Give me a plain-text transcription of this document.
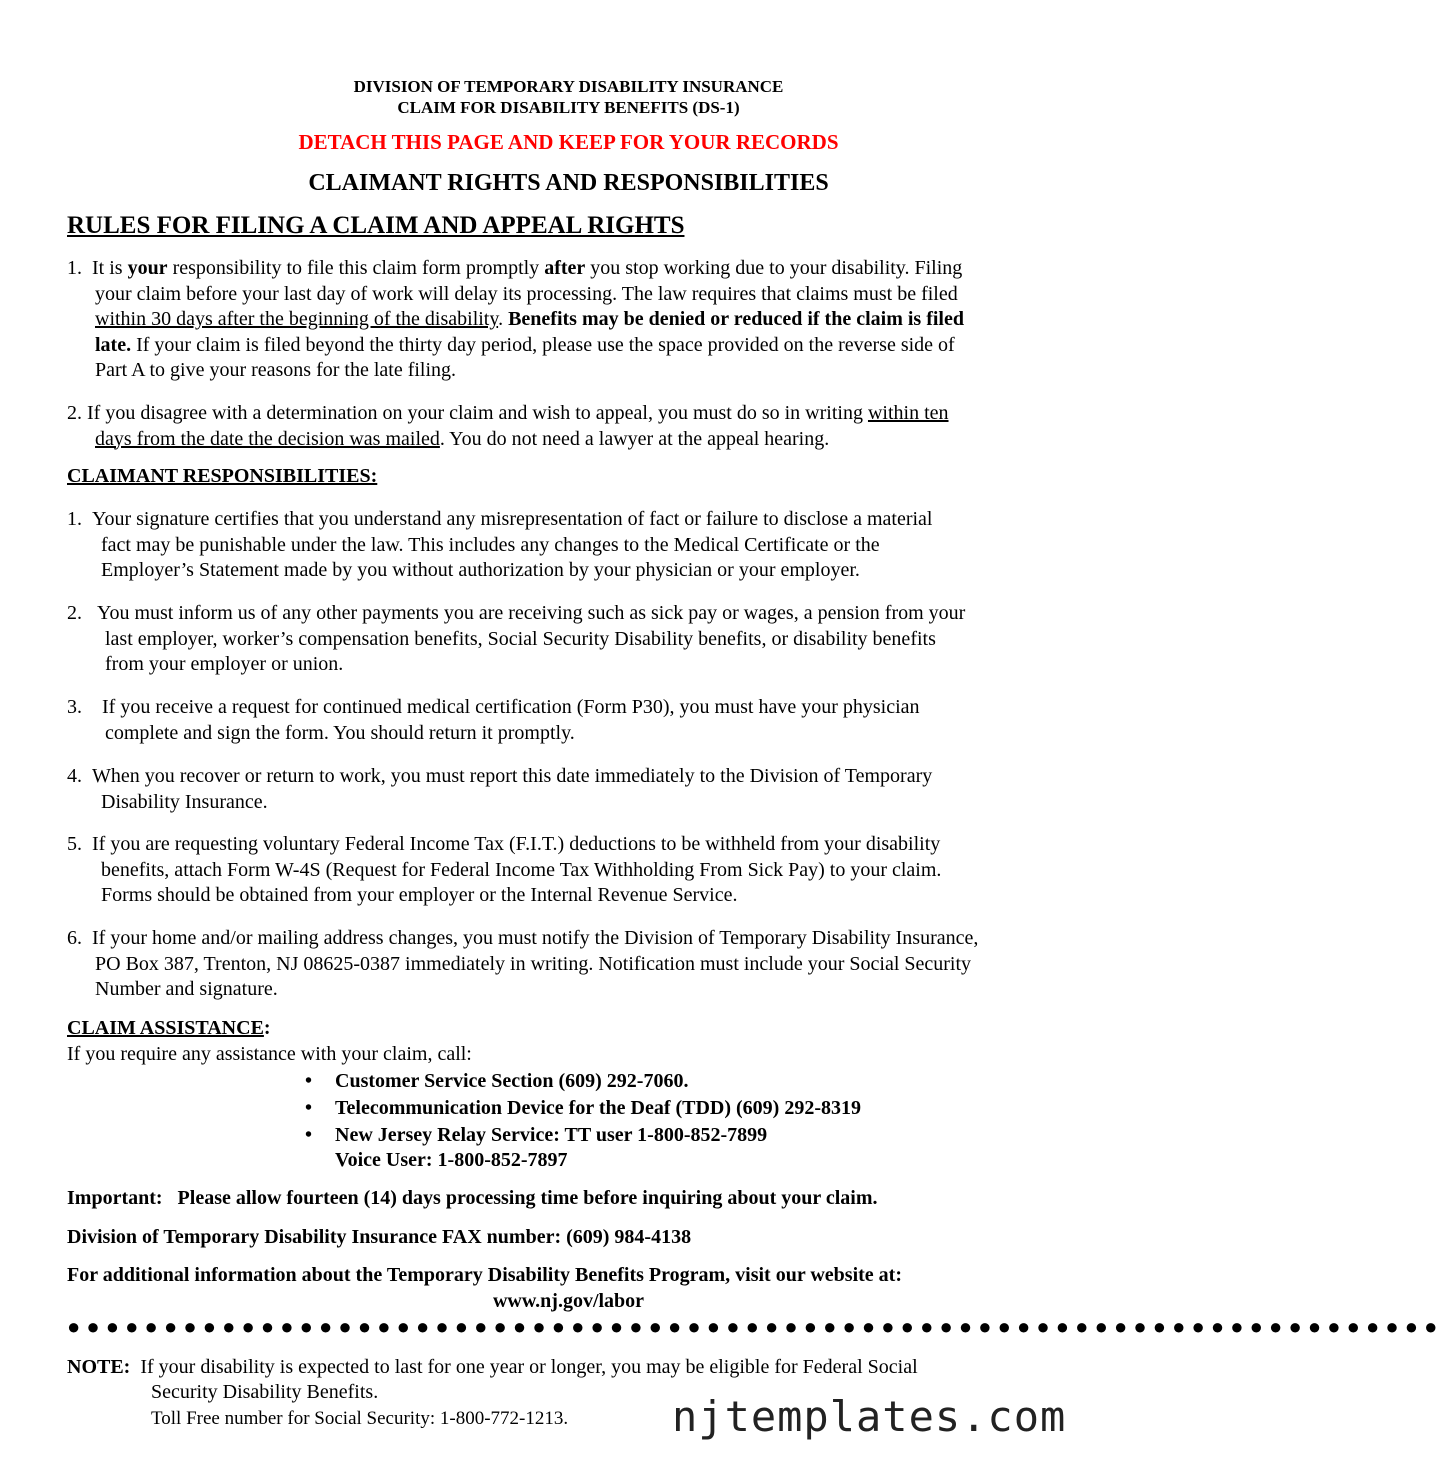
DIVISION OF TEMPORARY DISABILITY INSURANCE
CLAIM FOR DISABILITY BENEFITS (DS-1)
DETACH THIS PAGE AND KEEP FOR YOUR RECORDS
CLAIMANT RIGHTS AND RESPONSIBILITIES
RULES FOR FILING A CLAIM AND APPEAL RIGHTS
1. It is your responsibility to file this claim form promptly after you stop working due to your disability. Filing
your claim before your last day of work will delay its processing. The law requires that claims must be filed
within 30 days after the beginning of the disability. Benefits may be denied or reduced if the claim is filed
late. If your claim is filed beyond the thirty day period, please use the space provided on the reverse side of
Part A to give your reasons for the late filing.
2. If you disagree with a determination on your claim and wish to appeal, you must do so in writing within ten
days from the date the decision was mailed. You do not need a lawyer at the appeal hearing.
CLAIMANT RESPONSIBILITIES:
1. Your signature certifies that you understand any misrepresentation of fact or failure to disclose a material
fact may be punishable under the law. This includes any changes to the Medical Certificate or the
Employer’s Statement made by you without authorization by your physician or your employer.
2. You must inform us of any other payments you are receiving such as sick pay or wages, a pension from your
last employer, worker’s compensation benefits, Social Security Disability benefits, or disability benefits
from your employer or union.
3. If you receive a request for continued medical certification (Form P30), you must have your physician
complete and sign the form. You should return it promptly.
4. When you recover or return to work, you must report this date immediately to the Division of Temporary
Disability Insurance.
5. If you are requesting voluntary Federal Income Tax (F.I.T.) deductions to be withheld from your disability
benefits, attach Form W-4S (Request for Federal Income Tax Withholding From Sick Pay) to your claim.
Forms should be obtained from your employer or the Internal Revenue Service.
6. If your home and/or mailing address changes, you must notify the Division of Temporary Disability Insurance,
PO Box 387, Trenton, NJ 08625-0387 immediately in writing. Notification must include your Social Security
Number and signature.
CLAIM ASSISTANCE:
If you require any assistance with your claim, call:
• Customer Service Section (609) 292-7060.
• Telecommunication Device for the Deaf (TDD) (609) 292-8319
• New Jersey Relay Service: TT user 1-800-852-7899
Voice User: 1-800-852-7897
Important:   Please allow fourteen (14) days processing time before inquiring about your claim.
Division of Temporary Disability Insurance FAX number: (609) 984-4138
For additional information about the Temporary Disability Benefits Program, visit our website at:
www.nj.gov/labor
●●●●●●●●●●●●●●●●●●●●●●●●●●●●●●●●●●●●●●●●●●●●●●●●●●●●●●●●●●●●●●●●●●●●●●●
NOTE:  If your disability is expected to last for one year or longer, you may be eligible for Federal Social
Security Disability Benefits.
Toll Free number for Social Security: 1-800-772-1213. njtemplates.com
